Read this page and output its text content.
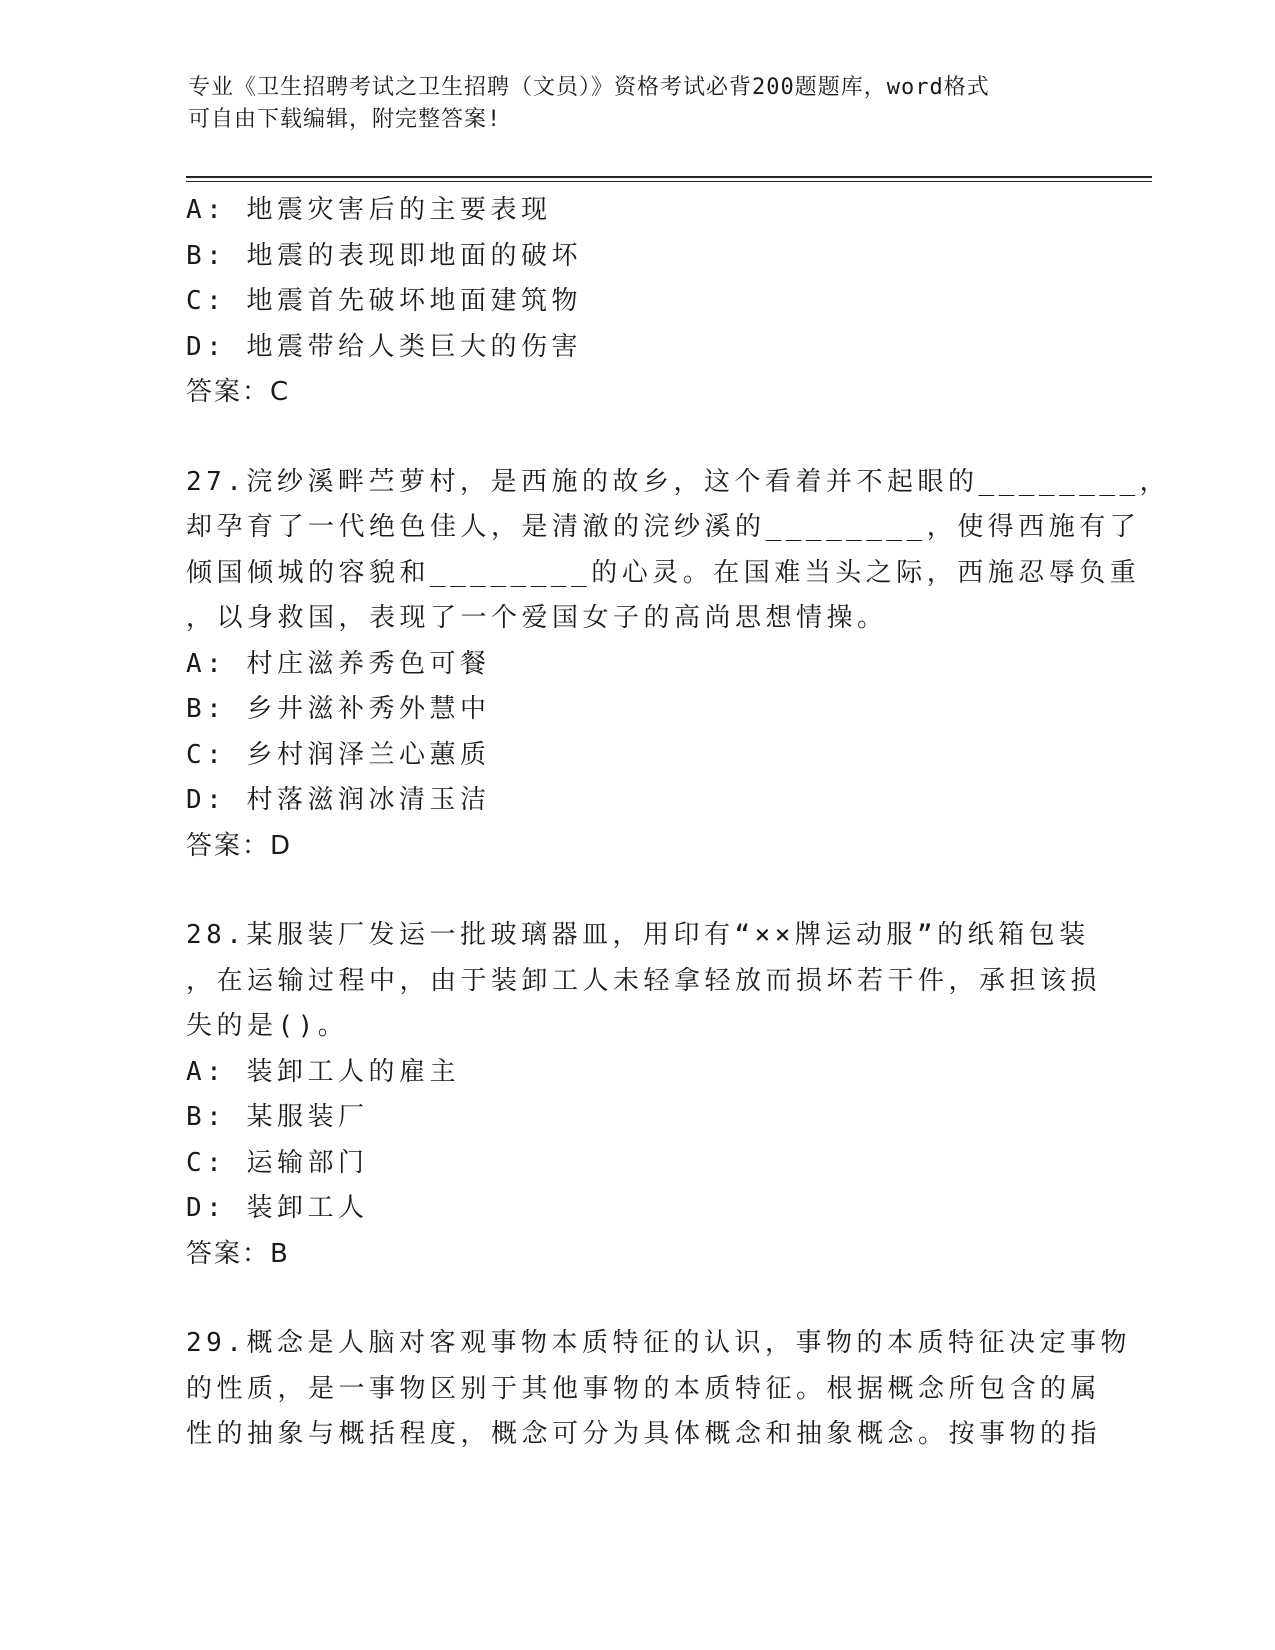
专业《卫生招聘考试之卫生招聘（文员）》资格考试必背200题题库，word格式
可自由下载编辑，附完整答案!
A: 地震灾害后的主要表现
B: 地震的表现即地面的破坏
C: 地震首先破坏地面建筑物
D: 地震带给人类巨大的伤害
答案：C
27.浣纱溪畔苎萝村，是西施的故乡，这个看着并不起眼的________，
却孕育了一代绝色佳人，是清澈的浣纱溪的________，使得西施有了
倾国倾城的容貌和________的心灵。在国难当头之际，西施忍辱负重
，以身救国，表现了一个爱国女子的高尚思想情操。
A: 村庄滋养秀色可餐
B: 乡井滋补秀外慧中
C: 乡村润泽兰心蕙质
D: 村落滋润冰清玉洁
答案：D
28.某服装厂发运一批玻璃器皿，用印有“××牌运动服”的纸箱包装
，在运输过程中，由于装卸工人未轻拿轻放而损坏若干件，承担该损
失的是()。
A: 装卸工人的雇主
B: 某服装厂
C: 运输部门
D: 装卸工人
答案：B
29.概念是人脑对客观事物本质特征的认识，事物的本质特征决定事物
的性质，是一事物区别于其他事物的本质特征。根据概念所包含的属
性的抽象与概括程度，概念可分为具体概念和抽象概念。按事物的指
